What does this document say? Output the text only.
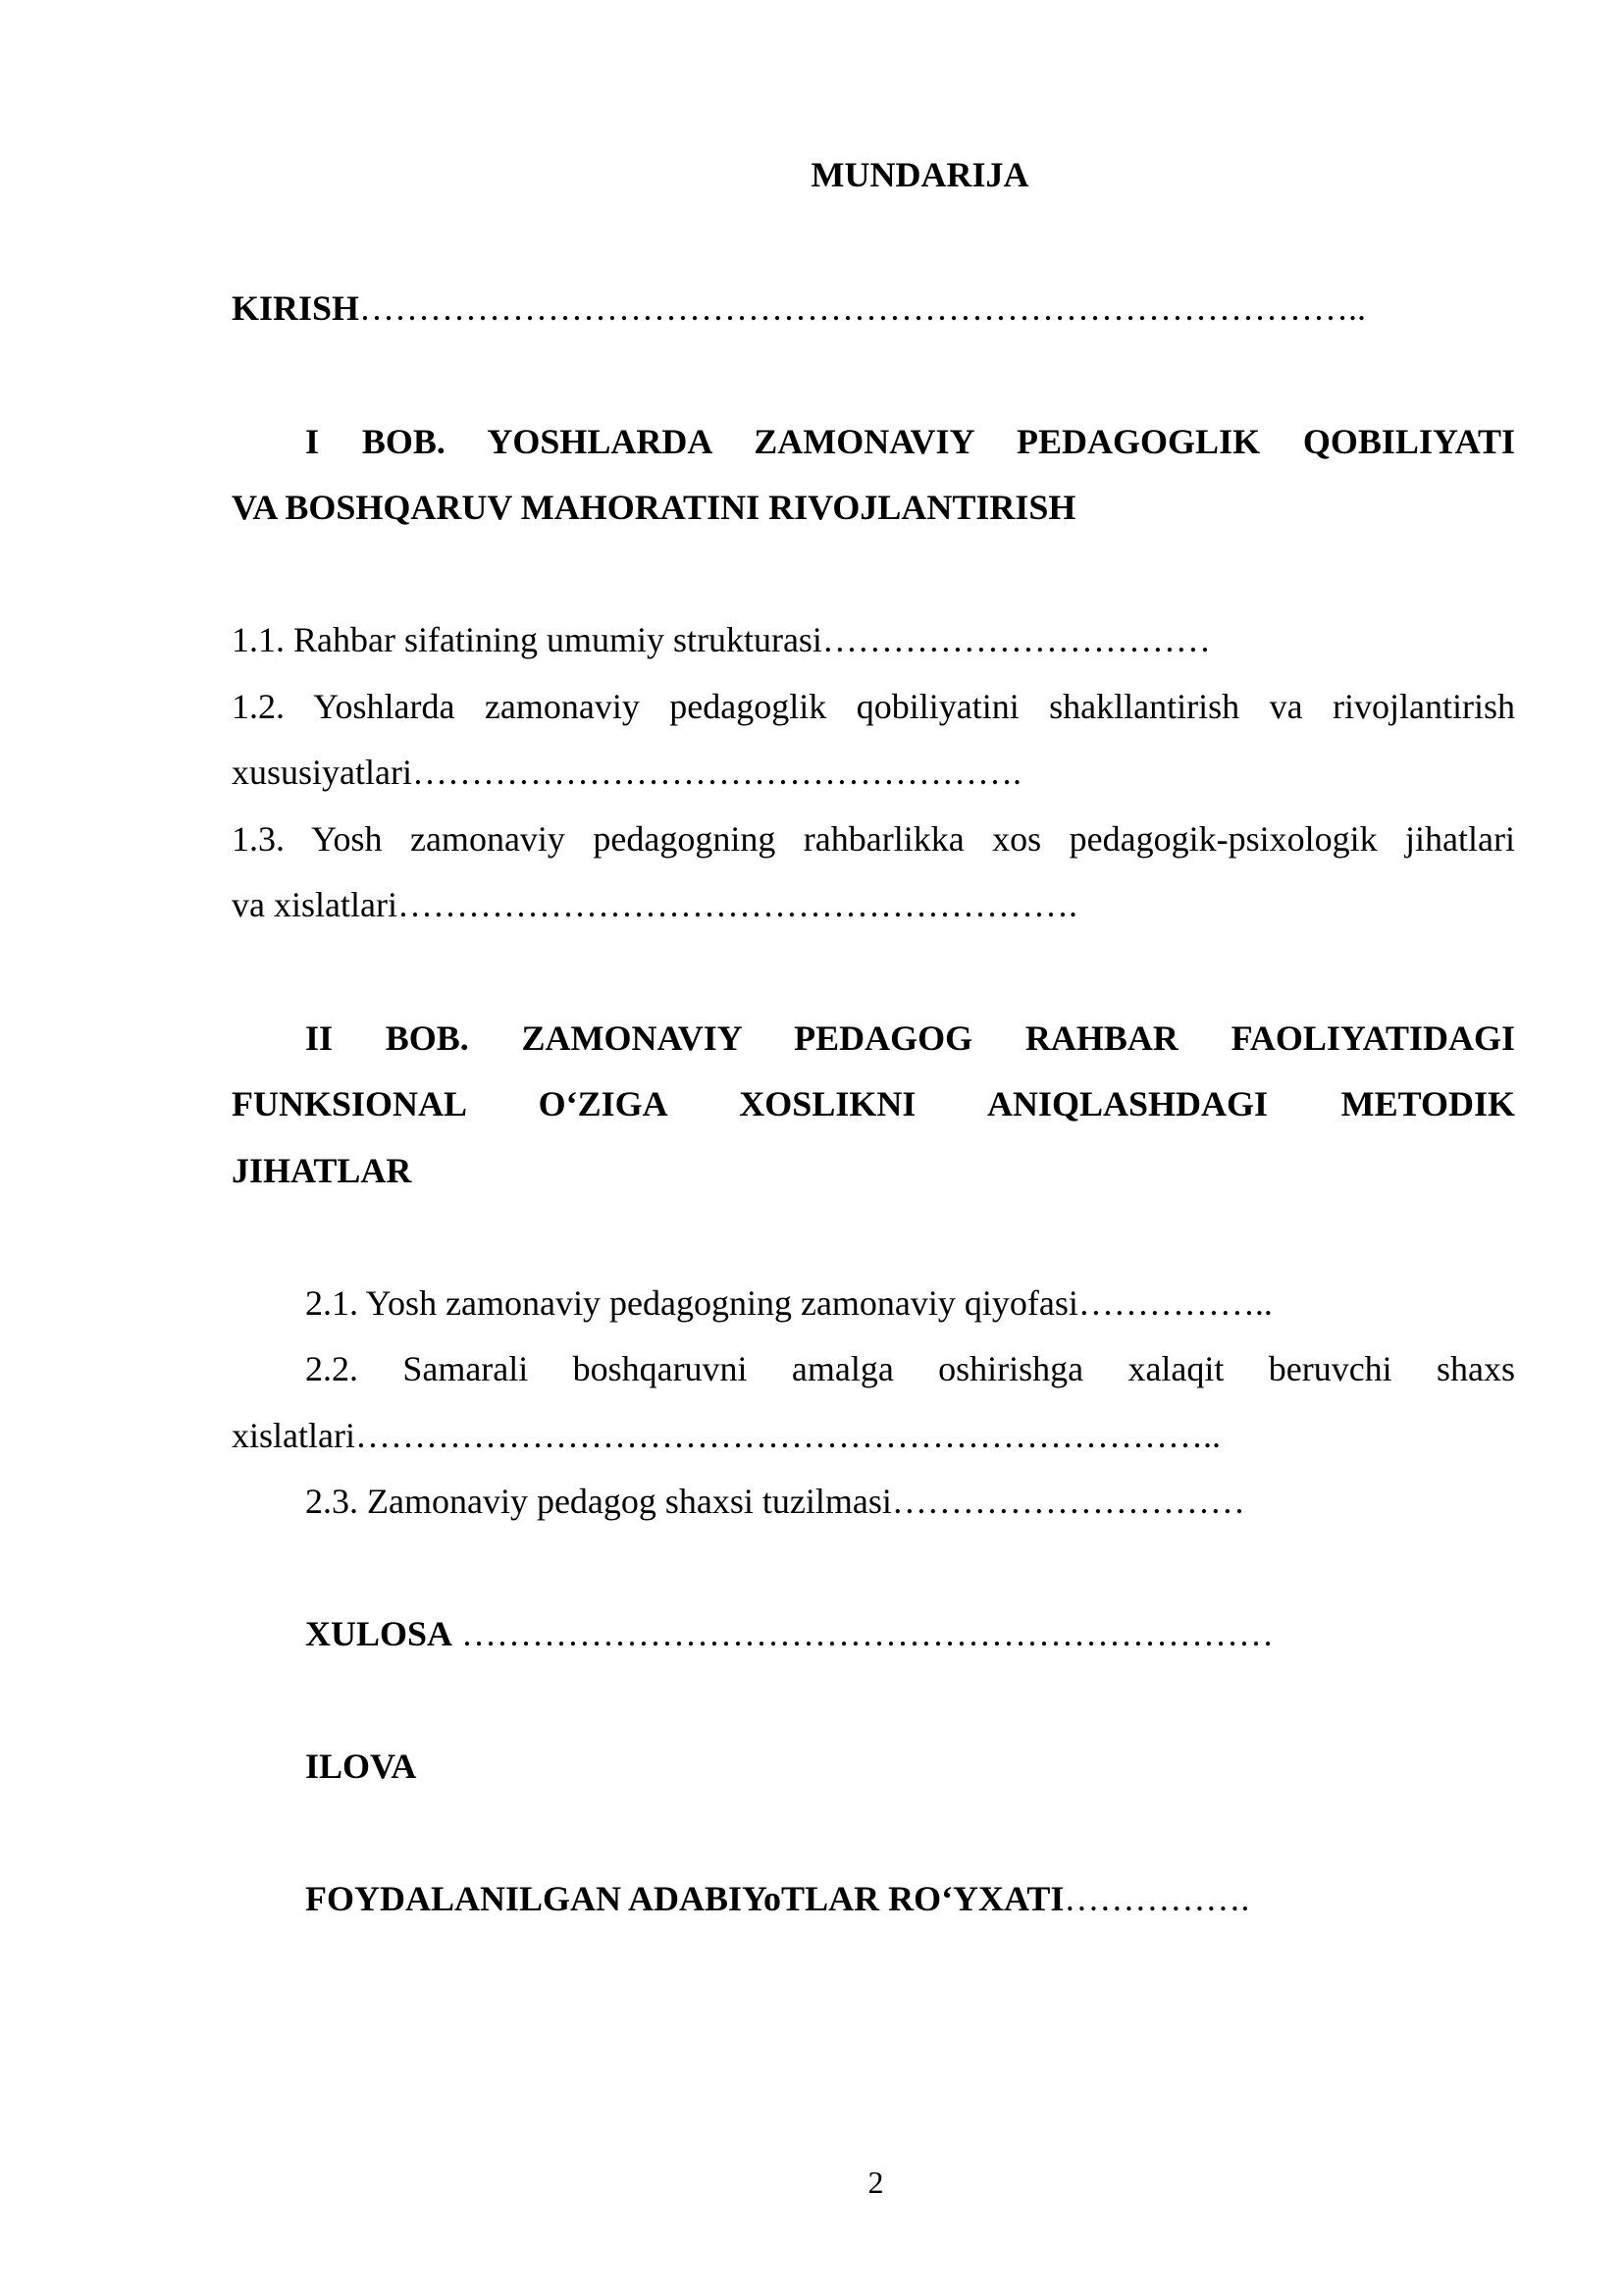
MUNDARIJA
KIRISH…………………………………………………………………………..
I BOB. YOSHLARDA ZAMONAVIY PEDAGOGLIK QOBILIYATI
VA BOSHQARUV MAHORATINI RIVOJLANTIRISH
1.1. Rahbar sifatining umumiy strukturasi……………………………
1.2. Yoshlarda zamonaviy pedagoglik qobiliyatini shakllantirish va rivojlantirish
xususiyatlari…………………………………………….
1.3. Yosh zamonaviy pedagogning rahbarlikka xos pedagogik-psixologik jihatlari
va xislatlari………………………………………………….
II BOB. ZAMONAVIY PEDAGOG RAHBAR FAOLIYATIDAGI
FUNKSIONAL O‘ZIGA XOSLIKNI ANIQLASHDAGI METODIK
JIHATLAR
2.1. Yosh zamonaviy pedagogning zamonaviy qiyofasi……………..
2.2. Samarali boshqaruvni amalga oshirishga xalaqit beruvchi shaxs
xislatlari………………………………………………………………..
2.3. Zamonaviy pedagog shaxsi tuzilmasi…………………………
XULOSA ……………………………………………………………
ILOVA
FOYDALANILGAN ADABIYoTLAR RO‘YXATI…………….
2
